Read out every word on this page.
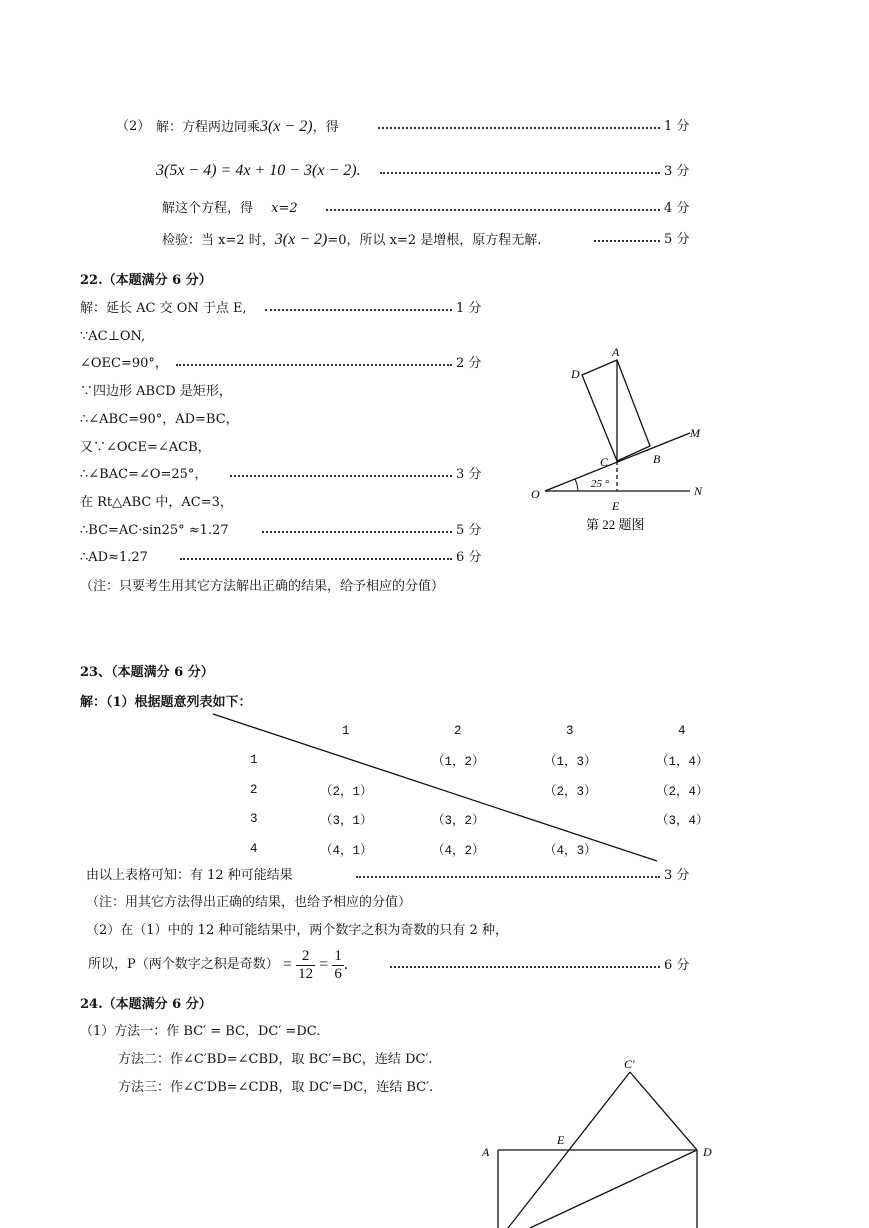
（2） 解：方程两边同乘3(x − 2)，得	1 分
3(5x − 4) = 4x + 10 − 3(x − 2).	3 分
解这个方程，得 x=2	4 分
检验：当 x=2 时，3(x − 2)=0，所以 x=2 是增根，原方程无解.	5 分
22.（本题满分 6 分）
解：延长 AC 交 ON 于点 E,	1 分
∵AC⊥ON,
∠OEC=90°，	2 分
∵四边形 ABCD 是矩形，
∴∠ABC=90°，AD=BC，
又∵∠OCE=∠ACB，
∴∠BAC=∠O=25°，	3 分
在 Rt△ABC 中，AC=3，
∴BC=AC·sin25° ≈1.27	5 分
∴AD≈1.27	6 分
（注：只要考生用其它方法解出正确的结果，给予相应的分值）
25 °
A
D
C	B
M
N
O
E
第 22 题图
23、（本题满分 6 分）
解：（1）根据题意列表如下：
	1	2	3	4
1		（1，2）	（1，3）	（1，4）
2	（2，1）		（2，3）	（2，4）
3	（3，1）	（3，2）		（3，4）
4	（4，1）	（4，2）	（4，3）	
由以上表格可知：有 12 种可能结果	3 分
（注：用其它方法得出正确的结果，也给予相应的分值）
（2）在（1）中的 12 种可能结果中，两个数字之积为奇数的只有 2 种，
所以，P（两个数字之积是奇数） = $\frac{2}{12} = \frac{1}{6}$ .	6 分
24.（本题满分 6 分）
（1）方法一：作 BC′ = BC，DC′ =DC.
方法二：作∠C′BD=∠CBD，取 BC′=BC，连结 DC′.
方法三：作∠C′DB=∠CDB，取 DC′=DC，连结 BC′.
C′
E
A	D
